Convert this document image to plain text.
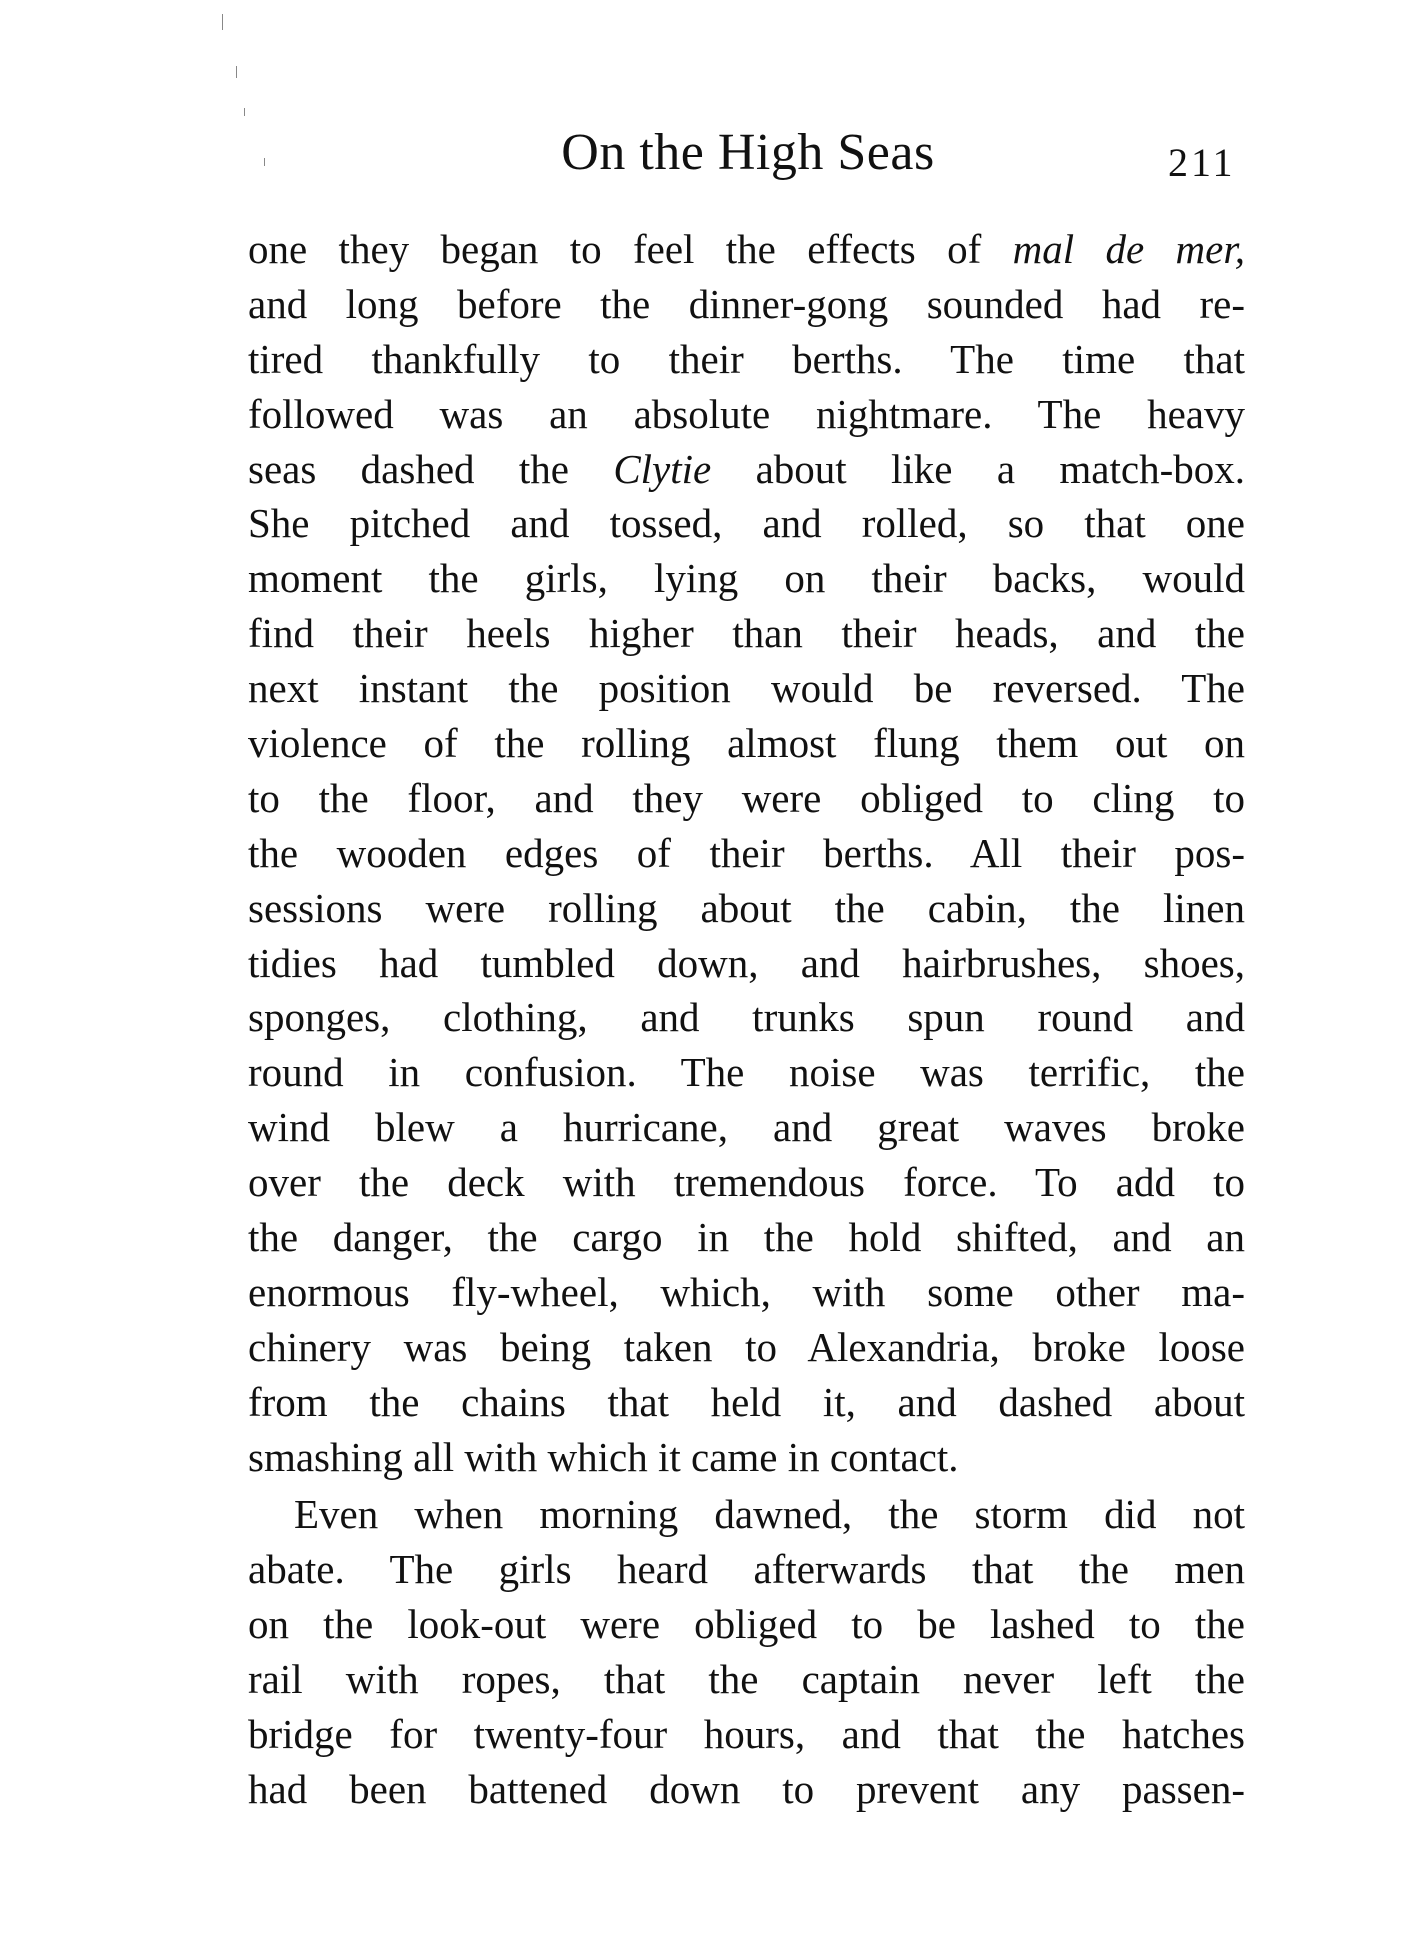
On the High Seas	211
one they began to feel the effects of mal de mer,
and long before the dinner-gong sounded had re-
tired thankfully to their berths. The time that
followed was an absolute nightmare. The heavy
seas dashed the Clytie about like a match-box.
She pitched and tossed, and rolled, so that one
moment the girls, lying on their backs, would
find their heels higher than their heads, and the
next instant the position would be reversed. The
violence of the rolling almost flung them out on
to the floor, and they were obliged to cling to
the wooden edges of their berths. All their pos-
sessions were rolling about the cabin, the linen
tidies had tumbled down, and hairbrushes, shoes,
sponges, clothing, and trunks spun round and
round in confusion. The noise was terrific, the
wind blew a hurricane, and great waves broke
over the deck with tremendous force. To add to
the danger, the cargo in the hold shifted, and an
enormous fly-wheel, which, with some other ma-
chinery was being taken to Alexandria, broke loose
from the chains that held it, and dashed about
smashing all with which it came in contact.
Even when morning dawned, the storm did not
abate. The girls heard afterwards that the men
on the look-out were obliged to be lashed to the
rail with ropes, that the captain never left the
bridge for twenty-four hours, and that the hatches
had been battened down to prevent any passen-
